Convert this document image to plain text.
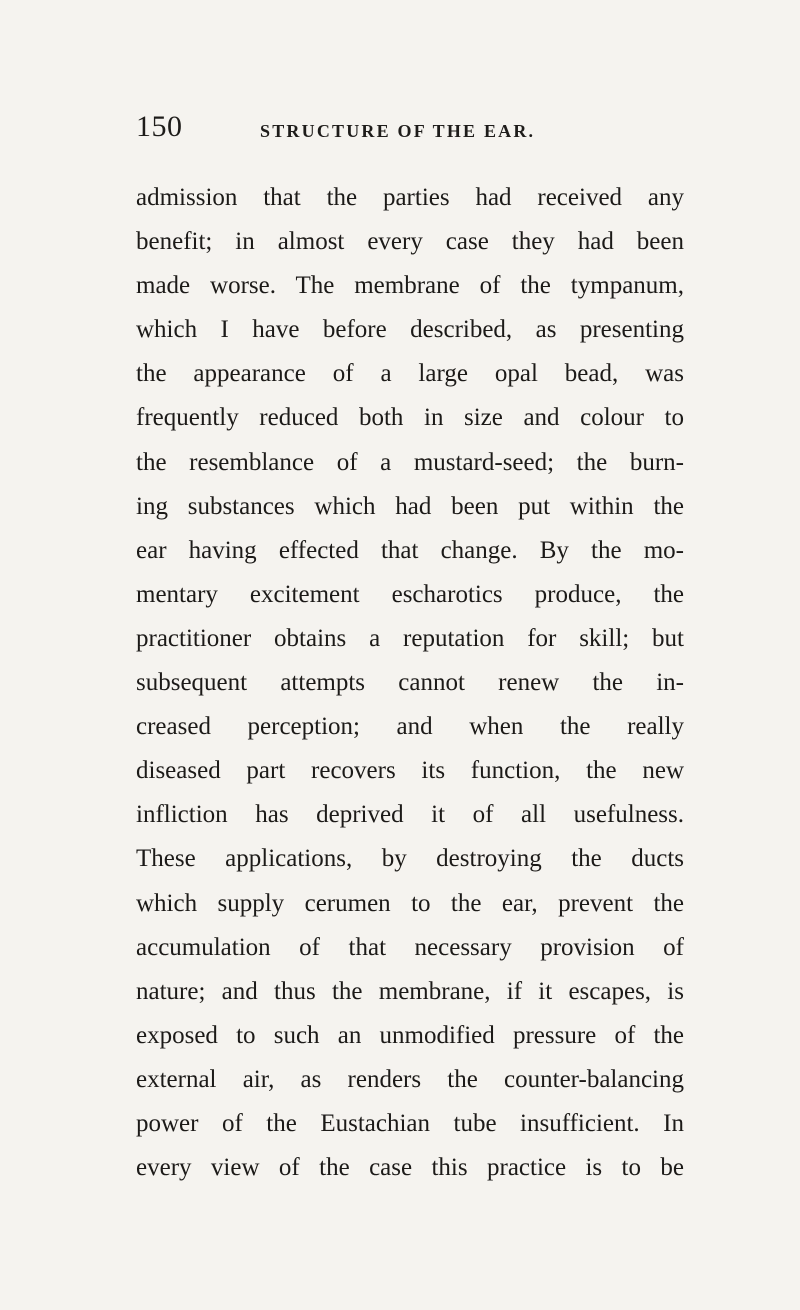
150	STRUCTURE OF THE EAR.
admission that the parties had received any
benefit; in almost every case they had been
made worse. The membrane of the tympanum,
which I have before described, as presenting
the appearance of a large opal bead, was
frequently reduced both in size and colour to
the resemblance of a mustard-seed; the burn-
ing substances which had been put within the
ear having effected that change. By the mo-
mentary excitement escharotics produce, the
practitioner obtains a reputation for skill; but
subsequent attempts cannot renew the in-
creased perception; and when the really
diseased part recovers its function, the new
infliction has deprived it of all usefulness.
These applications, by destroying the ducts
which supply cerumen to the ear, prevent the
accumulation of that necessary provision of
nature; and thus the membrane, if it escapes, is
exposed to such an unmodified pressure of the
external air, as renders the counter-balancing
power of the Eustachian tube insufficient. In
every view of the case this practice is to be
